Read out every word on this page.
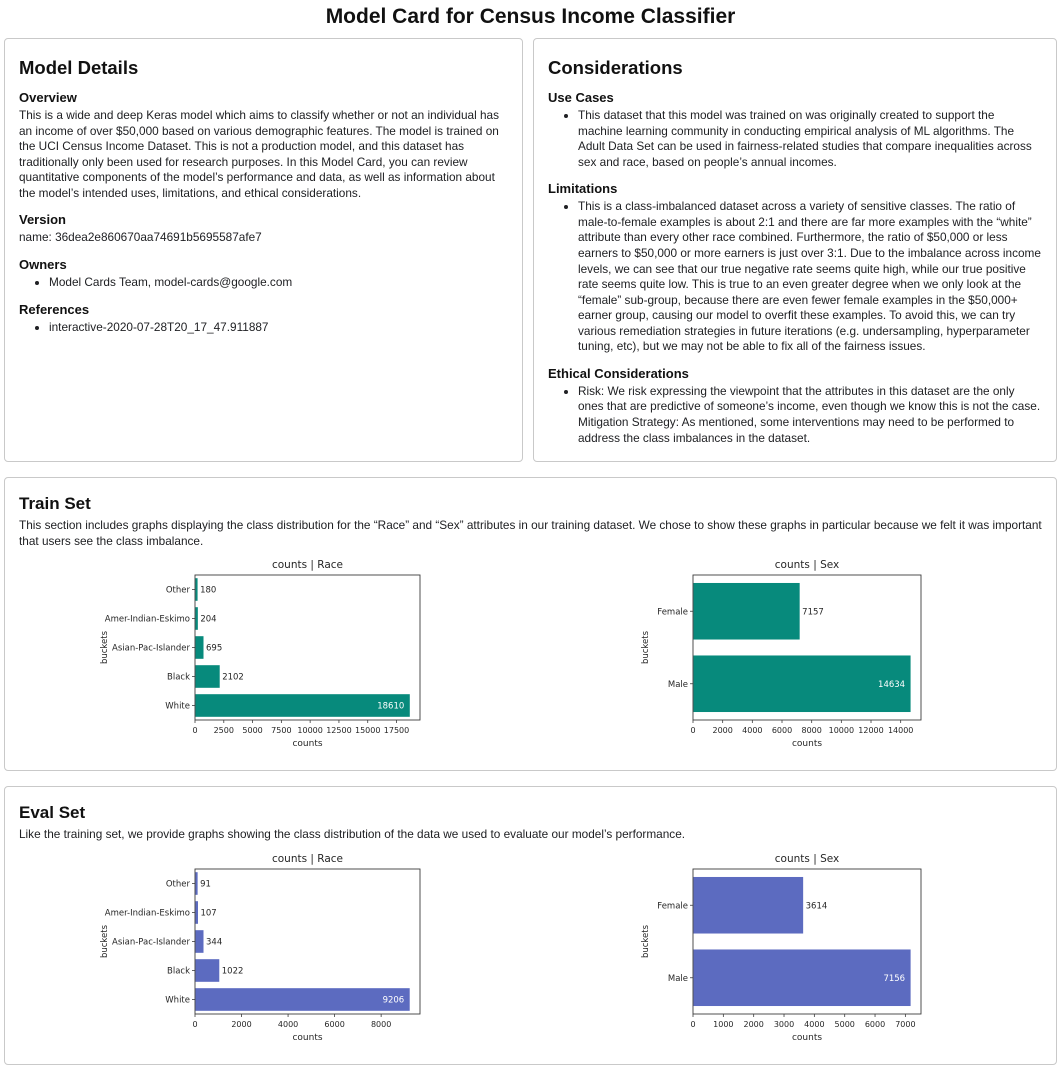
Model Card for Census Income Classifier
Model Details
Overview

This is a wide and deep Keras model which aims to classify whether or not an individual has an income of over $50,000 based on various demographic features. The model is trained on the UCI Census Income Dataset. This is not a production model, and this dataset has traditionally only been used for research purposes. In this Model Card, you can review quantitative components of the model’s performance and data, as well as information about the model’s intended uses, limitations, and ethical considerations.

Version

name: 36dea2e860670aa74691b5695587afe7

Owners
• Model Cards Team, model-cards@google.com
References
• interactive-2020-07-28T20_17_47.911887
Considerations
Use Cases
• This dataset that this model was trained on was originally created to support the machine learning community in conducting empirical analysis of ML algorithms. The Adult Data Set can be used in fairness-related studies that compare inequalities across sex and race, based on people’s annual incomes.
Limitations
• This is a class-imbalanced dataset across a variety of sensitive classes. The ratio of male-to-female examples is about 2:1 and there are far more examples with the “white” attribute than every other race combined. Furthermore, the ratio of $50,000 or less earners to $50,000 or more earners is just over 3:1. Due to the imbalance across income levels, we can see that our true negative rate seems quite high, while our true positive rate seems quite low. This is true to an even greater degree when we only look at the “female” sub-group, because there are even fewer female examples in the $50,000+ earner group, causing our model to overfit these examples. To avoid this, we can try various remediation strategies in future iterations (e.g. undersampling, hyperparameter tuning, etc), but we may not be able to fix all of the fairness issues.
Ethical Considerations
• Risk: We risk expressing the viewpoint that the attributes in this dataset are the only ones that are predictive of someone’s income, even though we know this is not the case.
Mitigation Strategy: As mentioned, some interventions may need to be performed to address the class imbalances in the dataset.
Train Set

This section includes graphs displaying the class distribution for the “Race” and “Sex” attributes in our training dataset. We chose to show these graphs in particular because we felt it was important that users see the class imbalance.

Other 180
Amer-Indian-Eskimo 204
Asian-Pac-Islander 695
Black	2102
White	18610
counts | Race
0 2500 5000 7500 10000 12500 15000 17500
counts
buckets
Female	7157
Male	14634
counts | Sex
0 2000 4000 6000 8000 10000 12000 14000
counts
buckets
Eval Set

Like the training set, we provide graphs showing the class distribution of the data we used to evaluate our model’s performance.

Other 91
Amer-Indian-Eskimo 107
Asian-Pac-Islander 344
Black	1022
White	9206
counts | Race
0	2000	4000	6000	8000
counts
buckets
Female	3614
Male	7156
counts | Sex
0 1000 2000 3000 4000 5000 6000 7000
counts
buckets
